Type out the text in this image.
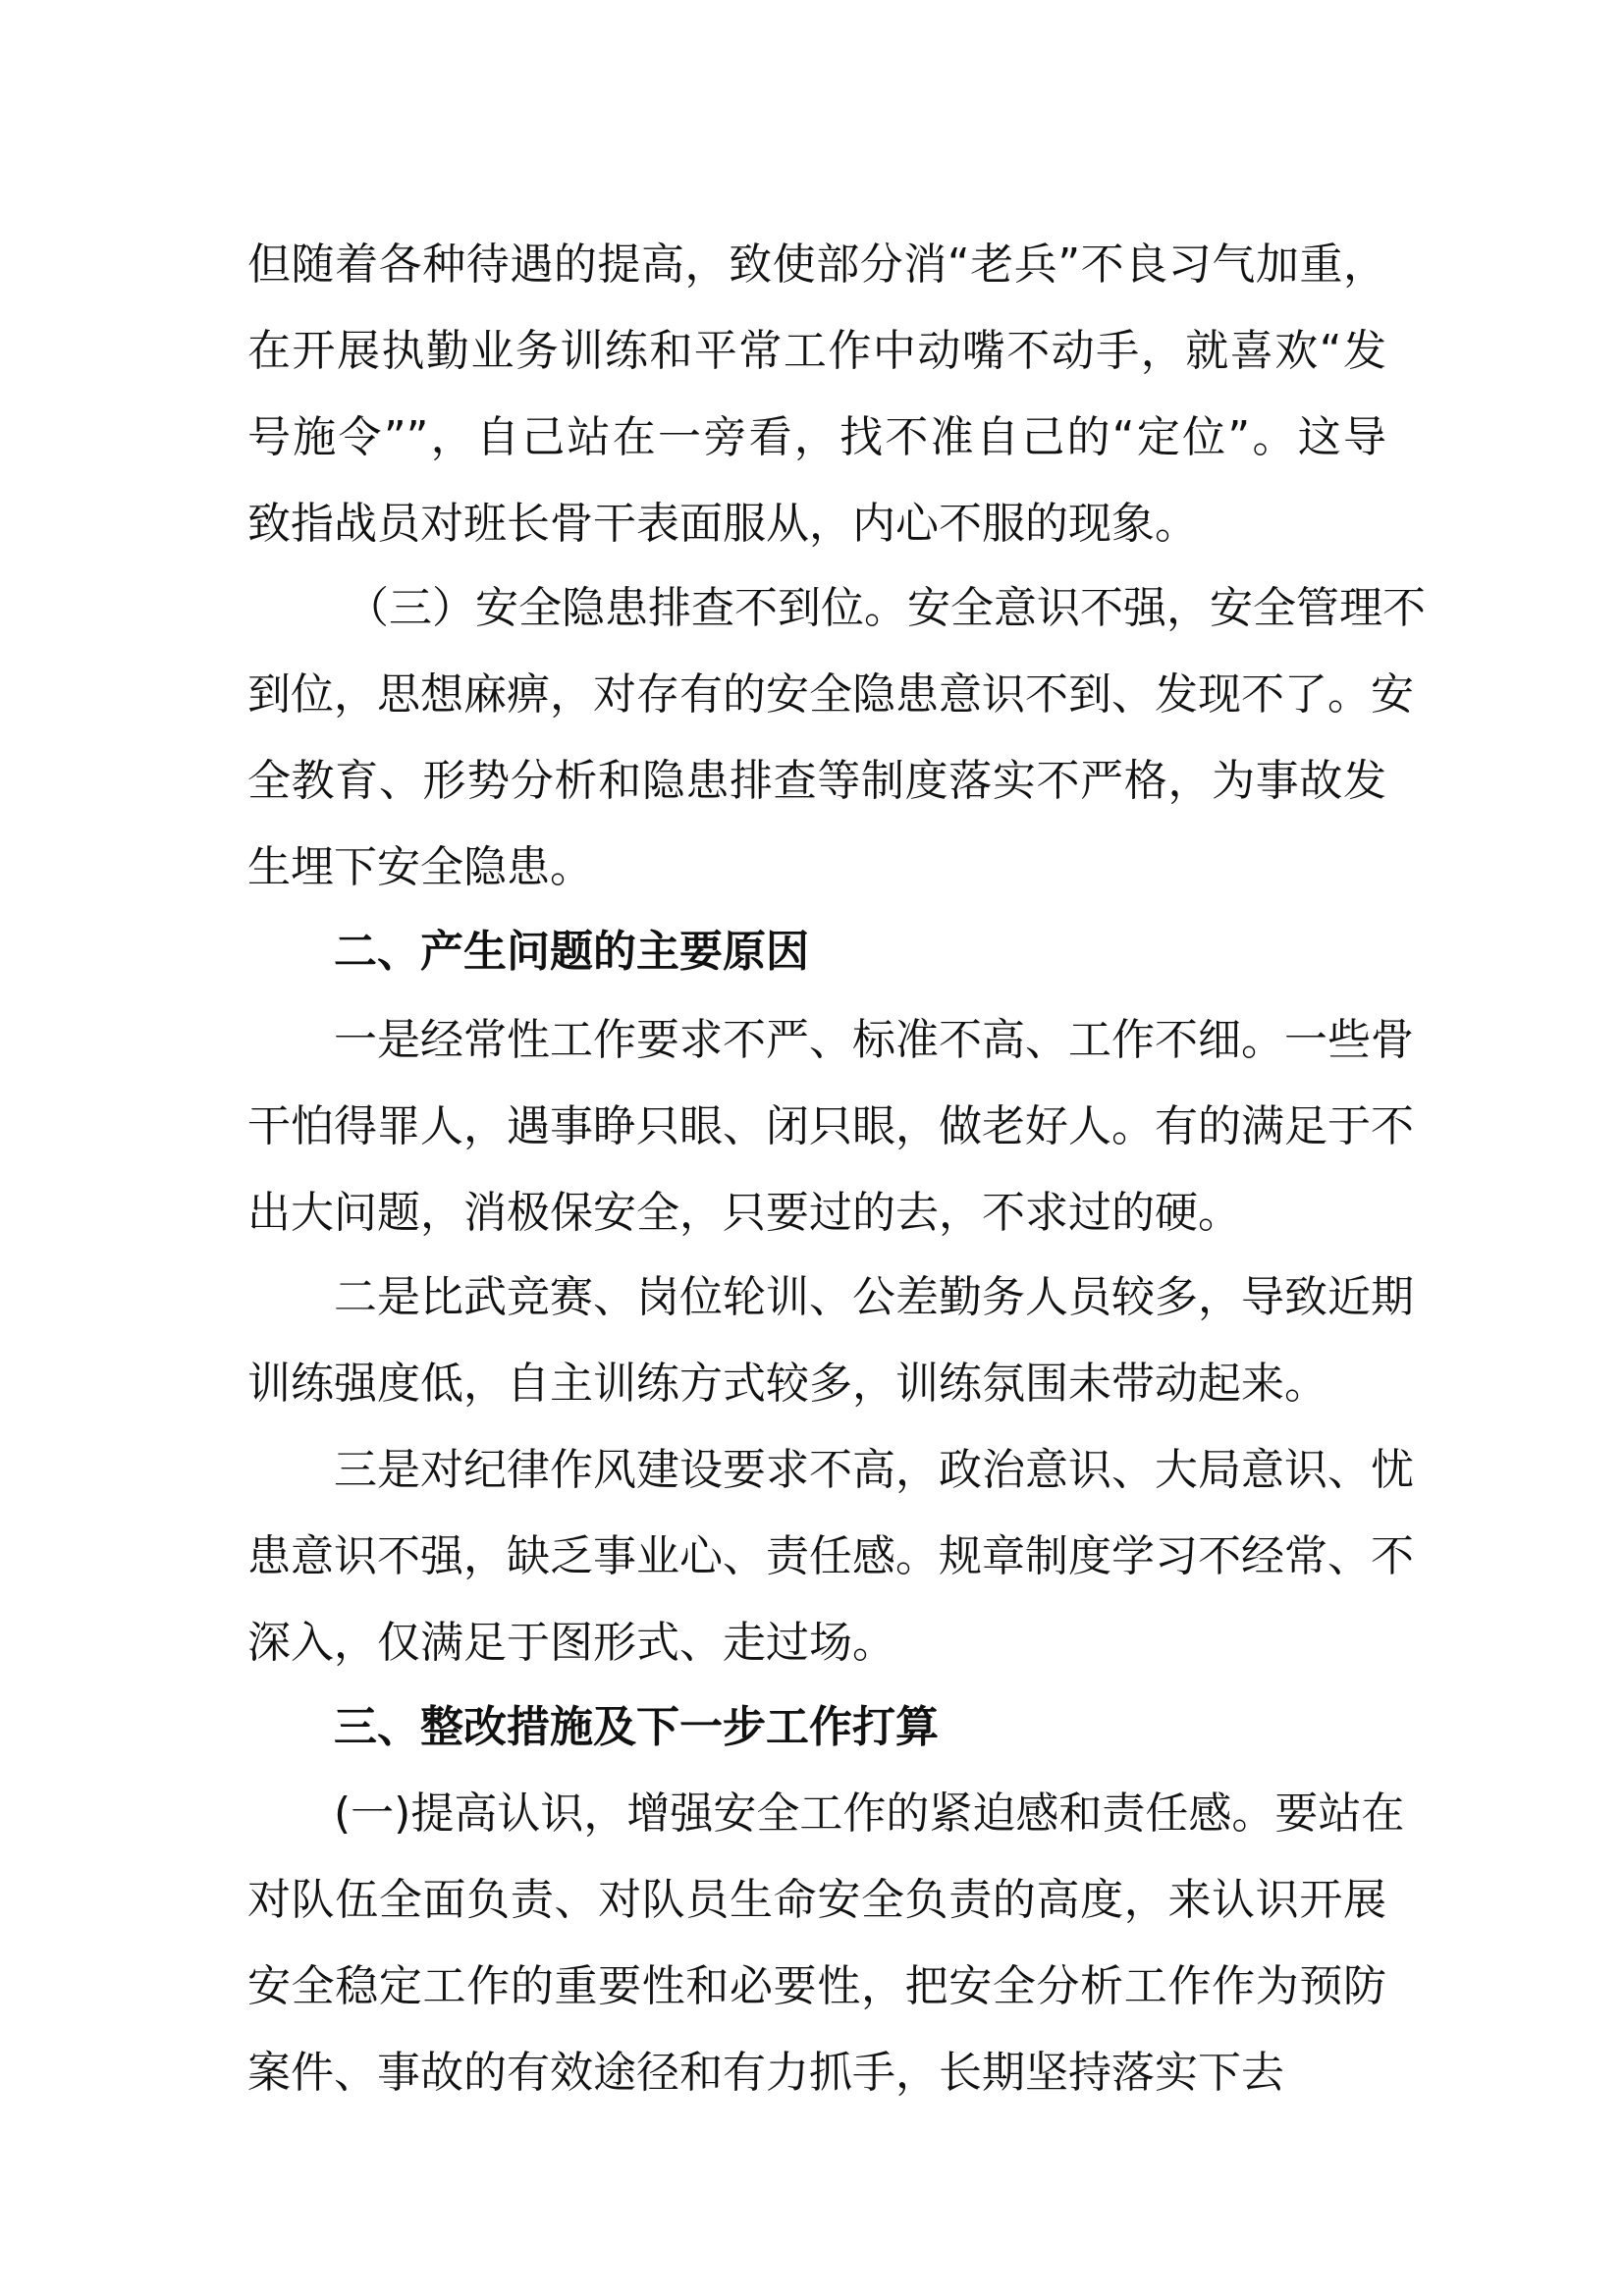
但随着各种待遇的提高，致使部分消“老兵”不良习气加重，
在开展执勤业务训练和平常工作中动嘴不动手，就喜欢“发
号施令””，自己站在一旁看，找不准自己的“定位”。这导
致指战员对班长骨干表面服从，内心不服的现象。
（三）安全隐患排查不到位。安全意识不强，安全管理不
到位，思想麻痹，对存有的安全隐患意识不到、发现不了。安
全教育、形势分析和隐患排查等制度落实不严格，为事故发
生埋下安全隐患。
二、产生问题的主要原因
一是经常性工作要求不严、标准不高、工作不细。一些骨
干怕得罪人，遇事睁只眼、闭只眼，做老好人。有的满足于不
出大问题，消极保安全，只要过的去，不求过的硬。
二是比武竞赛、岗位轮训、公差勤务人员较多，导致近期
训练强度低，自主训练方式较多，训练氛围未带动起来。
三是对纪律作风建设要求不高，政治意识、大局意识、忧
患意识不强，缺乏事业心、责任感。规章制度学习不经常、不
深入，仅满足于图形式、走过场。
三、整改措施及下一步工作打算
(一)提高认识，增强安全工作的紧迫感和责任感。要站在
对队伍全面负责、对队员生命安全负责的高度，来认识开展
安全稳定工作的重要性和必要性，把安全分析工作作为预防
案件、事故的有效途径和有力抓手，长期坚持落实下去
